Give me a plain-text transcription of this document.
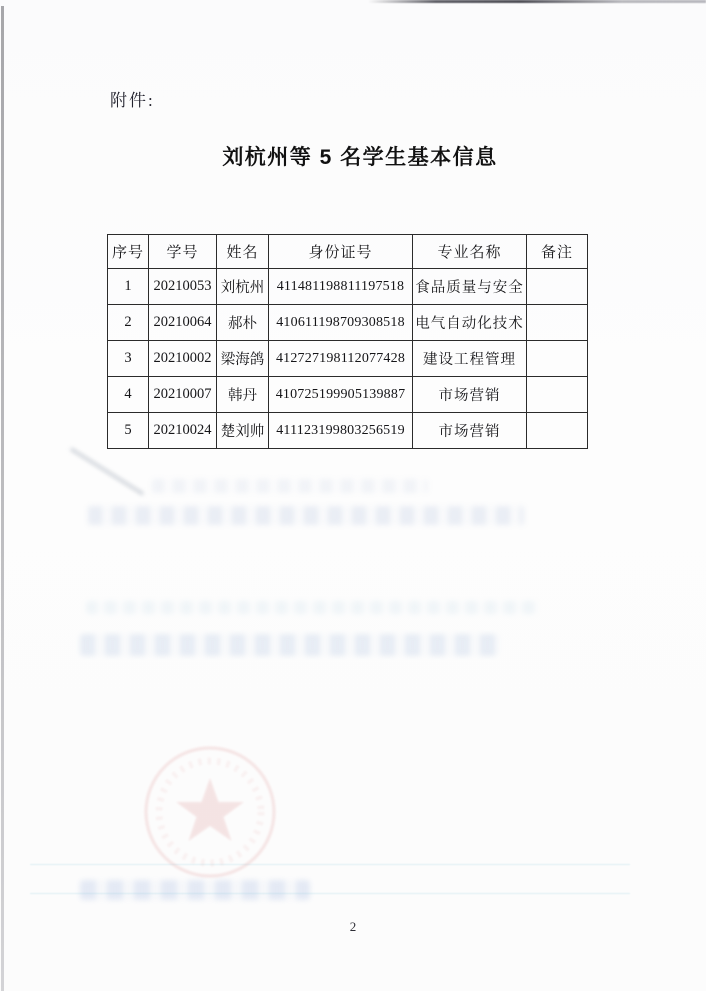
附件:
刘杭州等 5 名学生基本信息
序号	学号	姓名	身份证号	专业名称	备注
1	20210053	刘杭州	411481198811197518	食品质量与安全	
2	20210064	郝朴	410611198709308518	电气自动化技术	
3	20210002	梁海鸽	412727198112077428	建设工程管理	
4	20210007	韩丹	410725199905139887	市场营销	
5	20210024	楚刘帅	411123199803256519	市场营销	
2
